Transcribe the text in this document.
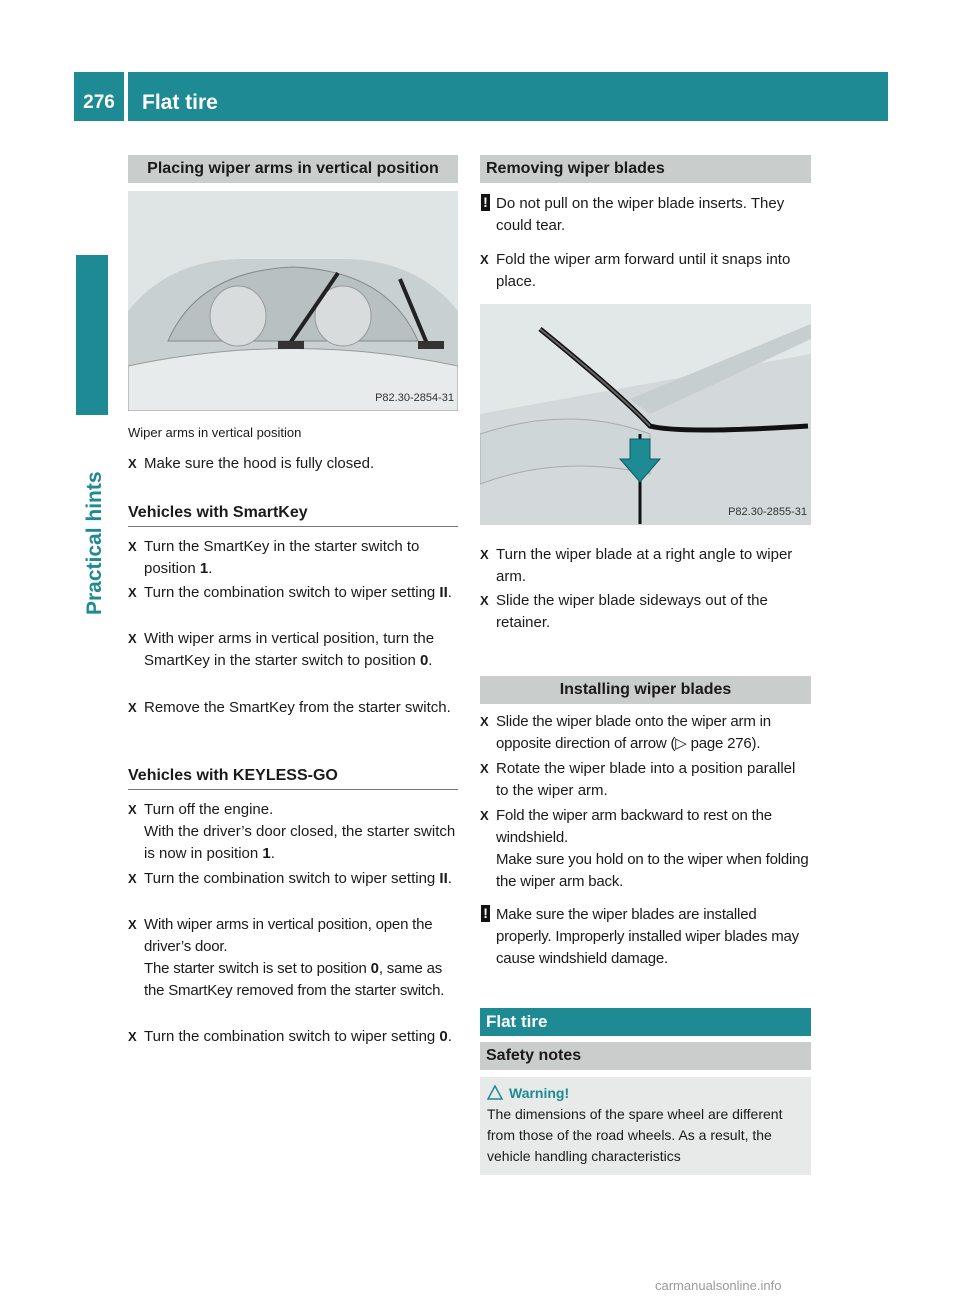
276	Flat tire
Practical hints
Placing wiper arms in vertical position
P82.30-2854-31
Wiper arms in vertical position
X Make sure the hood is fully closed.
Vehicles with SmartKey
X Turn the SmartKey in the starter switch to position 1.
X Turn the combination switch to wiper setting II.
X With wiper arms in vertical position, turn the SmartKey in the starter switch to position 0.
X Remove the SmartKey from the starter switch.
Vehicles with KEYLESS-GO
X Turn off the engine.
With the driver’s door closed, the starter switch is now in position 1.
X Turn the combination switch to wiper setting II.
X With wiper arms in vertical position, open the driver’s door.
The starter switch is set to position 0, same as the SmartKey removed from the starter switch.
X Turn the combination switch to wiper setting 0.
Removing wiper blades
! Do not pull on the wiper blade inserts. They could tear.
X Fold the wiper arm forward until it snaps into place.
P82.30-2855-31
X Turn the wiper blade at a right angle to wiper arm.
X Slide the wiper blade sideways out of the retainer.
Installing wiper blades
X Slide the wiper blade onto the wiper arm in opposite direction of arrow (▷ page 276).
X Rotate the wiper blade into a position parallel to the wiper arm.
X Fold the wiper arm backward to rest on the windshield.
Make sure you hold on to the wiper when folding the wiper arm back.
! Make sure the wiper blades are installed properly. Improperly installed wiper blades may cause windshield damage.
Flat tire
Safety notes
Warning!
The dimensions of the spare wheel are different from those of the road wheels. As a result, the vehicle handling characteristics
carmanualsonline.info
